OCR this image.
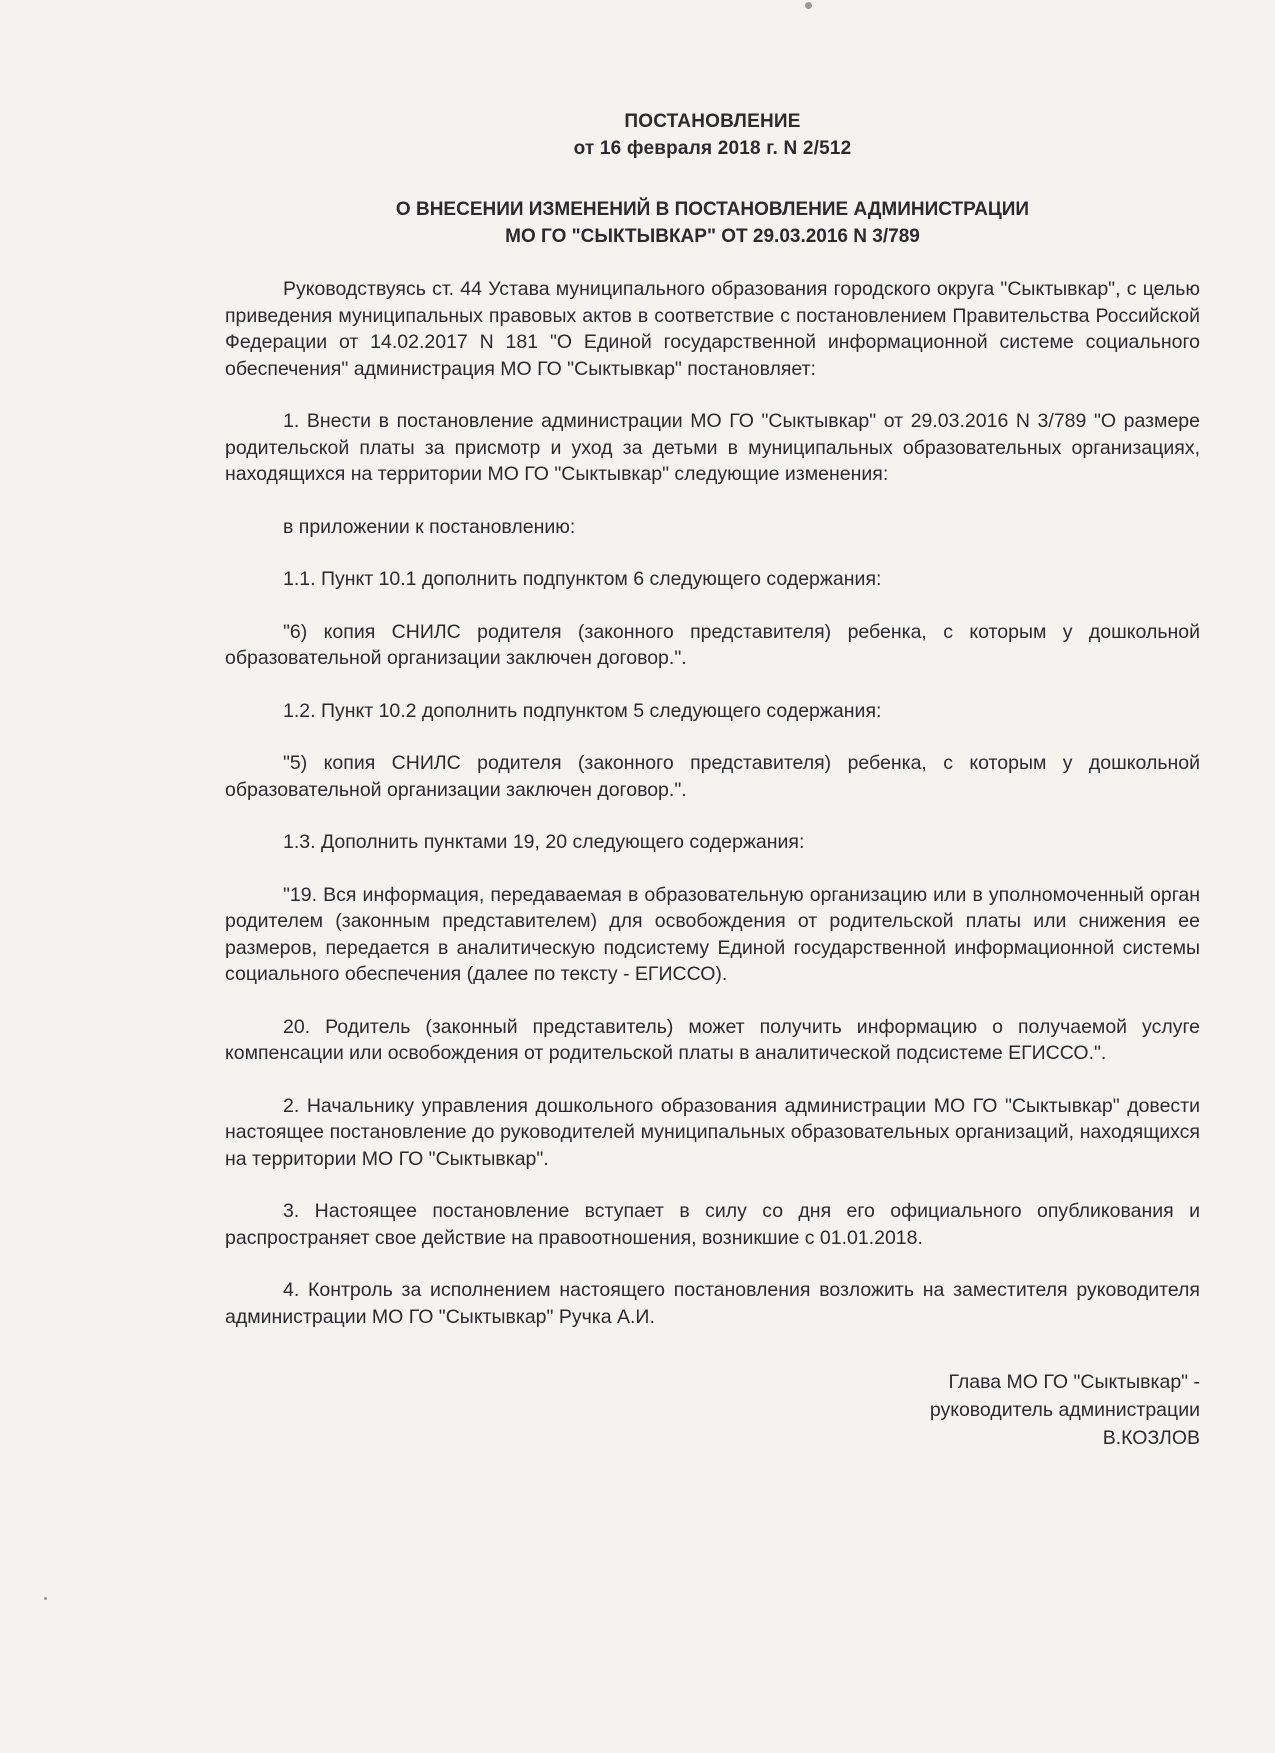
ПОСТАНОВЛЕНИЕ
от 16 февраля 2018 г. N 2/512
О ВНЕСЕНИИ ИЗМЕНЕНИЙ В ПОСТАНОВЛЕНИЕ АДМИНИСТРАЦИИ
МО ГО "СЫКТЫВКАР" ОТ 29.03.2016 N 3/789

Руководствуясь ст. 44 Устава муниципального образования городского округа "Сыктывкар", с целью приведения муниципальных правовых актов в соответствие с постановлением Правительства Российской Федерации от 14.02.2017 N 181 "О Единой государственной информационной системе социального обеспечения" администрация МО ГО "Сыктывкар" постановляет:

1. Внести в постановление администрации МО ГО "Сыктывкар" от 29.03.2016 N 3/789 "О размере родительской платы за присмотр и уход за детьми в муниципальных образовательных организациях, находящихся на территории МО ГО "Сыктывкар" следующие изменения:

в приложении к постановлению:

1.1. Пункт 10.1 дополнить подпунктом 6 следующего содержания:

"6) копия СНИЛС родителя (законного представителя) ребенка, с которым у дошкольной образовательной организации заключен договор.".

1.2. Пункт 10.2 дополнить подпунктом 5 следующего содержания:

"5) копия СНИЛС родителя (законного представителя) ребенка, с которым у дошкольной образовательной организации заключен договор.".

1.3. Дополнить пунктами 19, 20 следующего содержания:

"19. Вся информация, передаваемая в образовательную организацию или в уполномоченный орган родителем (законным представителем) для освобождения от родительской платы или снижения ее размеров, передается в аналитическую подсистему Единой государственной информационной системы социального обеспечения (далее по тексту - ЕГИССО).

20. Родитель (законный представитель) может получить информацию о получаемой услуге компенсации или освобождения от родительской платы в аналитической подсистеме ЕГИССО.".

2. Начальнику управления дошкольного образования администрации МО ГО "Сыктывкар" довести настоящее постановление до руководителей муниципальных образовательных организаций, находящихся на территории МО ГО "Сыктывкар".

3. Настоящее постановление вступает в силу со дня его официального опубликования и распространяет свое действие на правоотношения, возникшие с 01.01.2018.

4. Контроль за исполнением настоящего постановления возложить на заместителя руководителя администрации МО ГО "Сыктывкар" Ручка А.И.

Глава МО ГО "Сыктывкар" -
руководитель администрации
В.КОЗЛОВ
